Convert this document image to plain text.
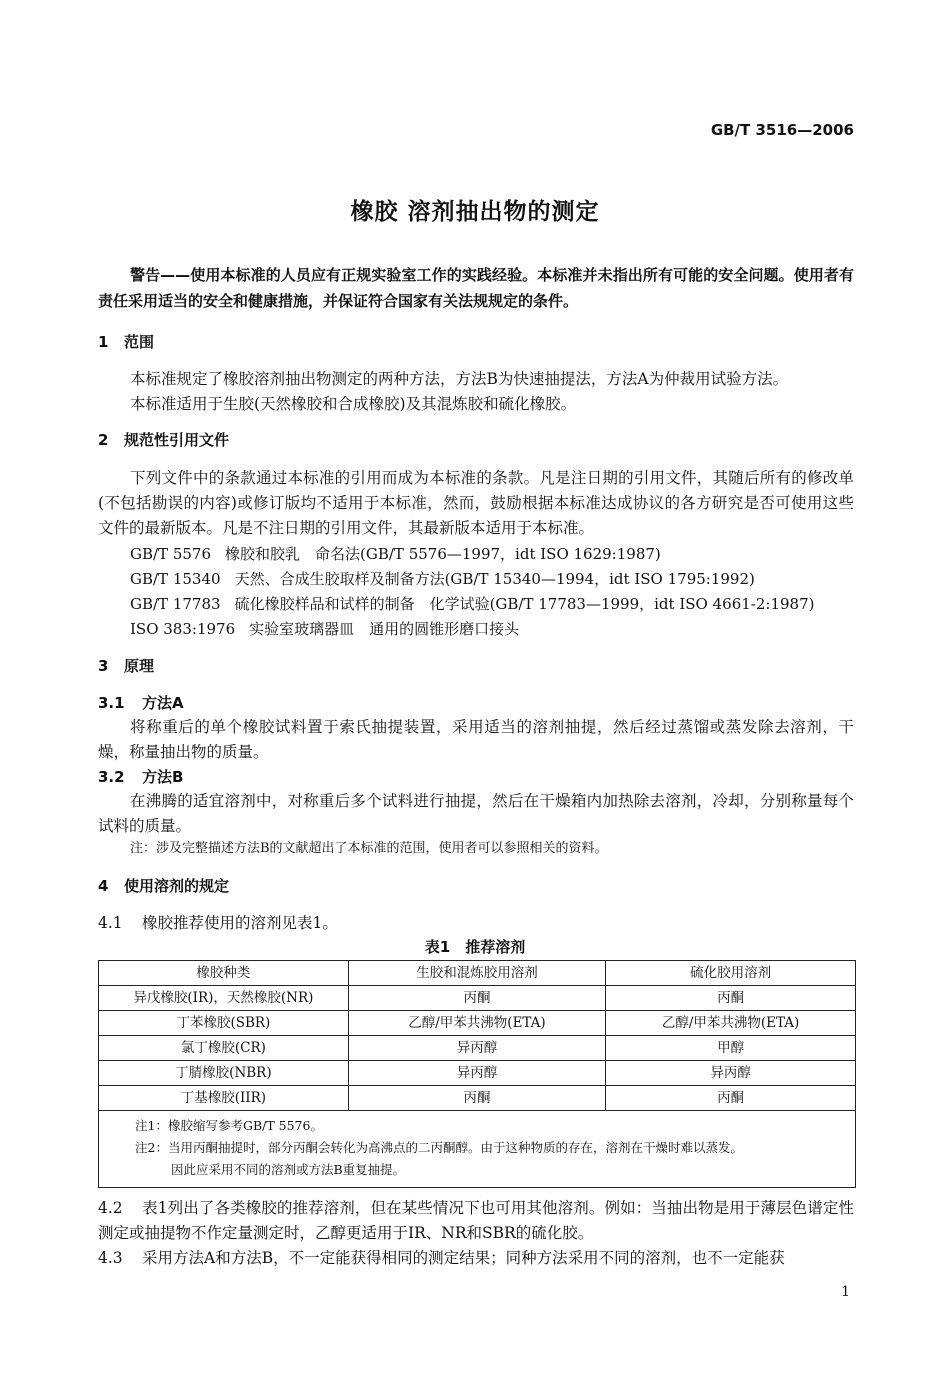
GB/T 3516—2006
橡胶 溶剂抽出物的测定
警告——使用本标准的人员应有正规实验室工作的实践经验。本标准并未指出所有可能的安全问题。使用者有责任采用适当的安全和健康措施，并保证符合国家有关法规规定的条件。
1 范围
本标准规定了橡胶溶剂抽出物测定的两种方法，方法B为快速抽提法，方法A为仲裁用试验方法。
本标准适用于生胶(天然橡胶和合成橡胶)及其混炼胶和硫化橡胶。
2 规范性引用文件
下列文件中的条款通过本标准的引用而成为本标准的条款。凡是注日期的引用文件，其随后所有的修改单(不包括勘误的内容)或修订版均不适用于本标准，然而，鼓励根据本标准达成协议的各方研究是否可使用这些文件的最新版本。凡是不注日期的引用文件，其最新版本适用于本标准。
GB/T 5576 橡胶和胶乳　命名法(GB/T 5576—1997，idt ISO 1629:1987)
GB/T 15340 天然、合成生胶取样及制备方法(GB/T 15340—1994，idt ISO 1795:1992)
GB/T 17783 硫化橡胶样品和试样的制备　化学试验(GB/T 17783—1999，idt ISO 4661-2:1987)
ISO 383:1976 实验室玻璃器皿　通用的圆锥形磨口接头
3 原理
3.1 方法A
将称重后的单个橡胶试料置于索氏抽提装置，采用适当的溶剂抽提，然后经过蒸馏或蒸发除去溶剂，干燥，称量抽出物的质量。
3.2 方法B
在沸腾的适宜溶剂中，对称重后多个试料进行抽提，然后在干燥箱内加热除去溶剂，冷却，分别称量每个试料的质量。
注：涉及完整描述方法B的文献超出了本标准的范围，使用者可以参照相关的资料。
4 使用溶剂的规定
4.1 橡胶推荐使用的溶剂见表1。
表1　推荐溶剂
橡胶种类	生胶和混炼胶用溶剂	硫化胶用溶剂
异戊橡胶(IR)，天然橡胶(NR)	丙酮	丙酮
丁苯橡胶(SBR)	乙醇/甲苯共沸物(ETA)	乙醇/甲苯共沸物(ETA)
氯丁橡胶(CR)	异丙醇	甲醇
丁腈橡胶(NBR)	异丙醇	异丙醇
丁基橡胶(IIR)	丙酮	丙酮

注1：橡胶缩写参考GB/T 5576。
注2：当用丙酮抽提时，部分丙酮会转化为高沸点的二丙酮醇。由于这种物质的存在，溶剂在干燥时难以蒸发。
因此应采用不同的溶剂或方法B重复抽提。		
4.2 表1列出了各类橡胶的推荐溶剂，但在某些情况下也可用其他溶剂。例如：当抽出物是用于薄层色谱定性测定或抽提物不作定量测定时，乙醇更适用于IR、NR和SBR的硫化胶。
4.3 采用方法A和方法B，不一定能获得相同的测定结果；同种方法采用不同的溶剂，也不一定能获
1
